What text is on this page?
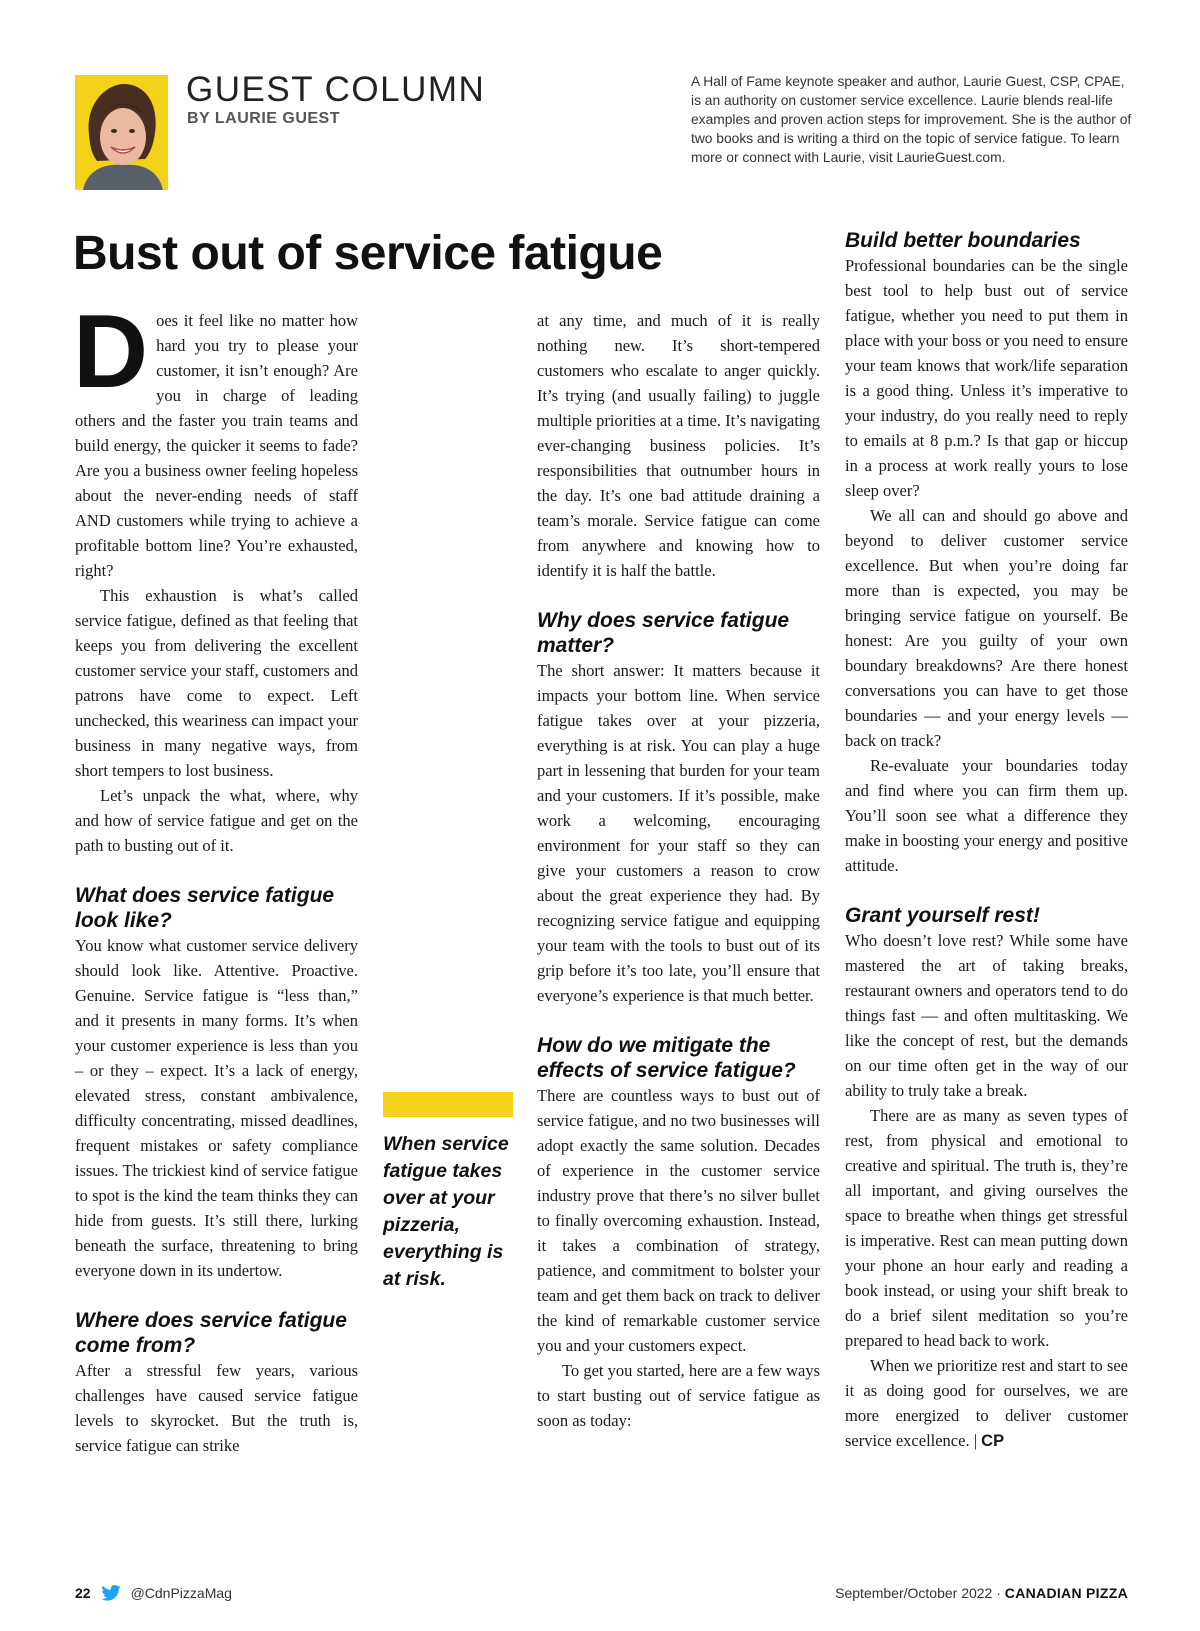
GUEST COLUMN
BY LAURIE GUEST
A Hall of Fame keynote speaker and author, Laurie Guest, CSP, CPAE, is an authority on customer service excellence. Laurie blends real-life examples and proven action steps for improvement. She is the author of two books and is writing a third on the topic of service fatigue. To learn more or connect with Laurie, visit LaurieGuest.com.
Bust out of service fatigue

Does it feel like no matter how hard you try to please your customer, it isn’t enough? Are you in charge of leading others and the faster you train teams and build energy, the quicker it seems to fade? Are you a business owner feeling hopeless about the never-ending needs of staff AND customers while trying to achieve a profitable bottom line? You’re exhausted, right?

This exhaustion is what’s called service fatigue, defined as that feeling that keeps you from delivering the excellent customer service your staff, customers and patrons have come to expect. Left unchecked, this weariness can impact your business in many negative ways, from short tempers to lost business.

Let’s unpack the what, where, why and how of service fatigue and get on the path to busting out of it.

What does service fatigue look like?

You know what customer service delivery should look like. Attentive. Proactive. Genuine. Service fatigue is “less than,” and it presents in many forms. It’s when your customer experience is less than you – or they – expect. It’s a lack of energy, elevated stress, constant ambivalence, difficulty concentrating, missed deadlines, frequent mistakes or safety compliance issues. The trickiest kind of service fatigue to spot is the kind the team thinks they can hide from guests. It’s still there, lurking beneath the surface, threatening to bring everyone down in its undertow.

Where does service fatigue come from?

After a stressful few years, various challenges have caused service fatigue levels to skyrocket. But the truth is, service fatigue can strike

When service fatigue takes over at your pizzeria, everything is at risk.

at any time, and much of it is really nothing new. It’s short-tempered customers who escalate to anger quickly. It’s trying (and usually failing) to juggle multiple priorities at a time. It’s navigating ever-changing business policies. It’s responsibilities that outnumber hours in the day. It’s one bad attitude draining a team’s morale. Service fatigue can come from anywhere and knowing how to identify it is half the battle.

Why does service fatigue matter?

The short answer: It matters because it impacts your bottom line. When service fatigue takes over at your pizzeria, everything is at risk. You can play a huge part in lessening that burden for your team and your customers. If it’s possible, make work a welcoming, encouraging environment for your staff so they can give your customers a reason to crow about the great experience they had. By recognizing service fatigue and equipping your team with the tools to bust out of its grip before it’s too late, you’ll ensure that everyone’s experience is that much better.

How do we mitigate the effects of service fatigue?

There are countless ways to bust out of service fatigue, and no two businesses will adopt exactly the same solution. Decades of experience in the customer service industry prove that there’s no silver bullet to finally overcoming exhaustion. Instead, it takes a combination of strategy, patience, and commitment to bolster your team and get them back on track to deliver the kind of remarkable customer service you and your customers expect.

To get you started, here are a few ways to start busting out of service fatigue as soon as today:

Build better boundaries

Professional boundaries can be the single best tool to help bust out of service fatigue, whether you need to put them in place with your boss or you need to ensure your team knows that work/life separation is a good thing. Unless it’s imperative to your industry, do you really need to reply to emails at 8 p.m.? Is that gap or hiccup in a process at work really yours to lose sleep over?

We all can and should go above and beyond to deliver customer service excellence. But when you’re doing far more than is expected, you may be bringing service fatigue on yourself. Be honest: Are you guilty of your own boundary breakdowns? Are there honest conversations you can have to get those boundaries — and your energy levels — back on track?

Re-evaluate your boundaries today and find where you can firm them up. You’ll soon see what a difference they make in boosting your energy and positive attitude.

Grant yourself rest!

Who doesn’t love rest? While some have mastered the art of taking breaks, restaurant owners and operators tend to do things fast — and often multitasking. We like the concept of rest, but the demands on our time often get in the way of our ability to truly take a break.

There are as many as seven types of rest, from physical and emotional to creative and spiritual. The truth is, they’re all important, and giving ourselves the space to breathe when things get stressful is imperative. Rest can mean putting down your phone an hour early and reading a book instead, or using your shift break to do a brief silent meditation so you’re prepared to head back to work.

When we prioritize rest and start to see it as doing good for ourselves, we are more energized to deliver customer service excellence. | CP

22	@CdnPizzaMag	September/October 2022 · CANADIAN PIZZA
